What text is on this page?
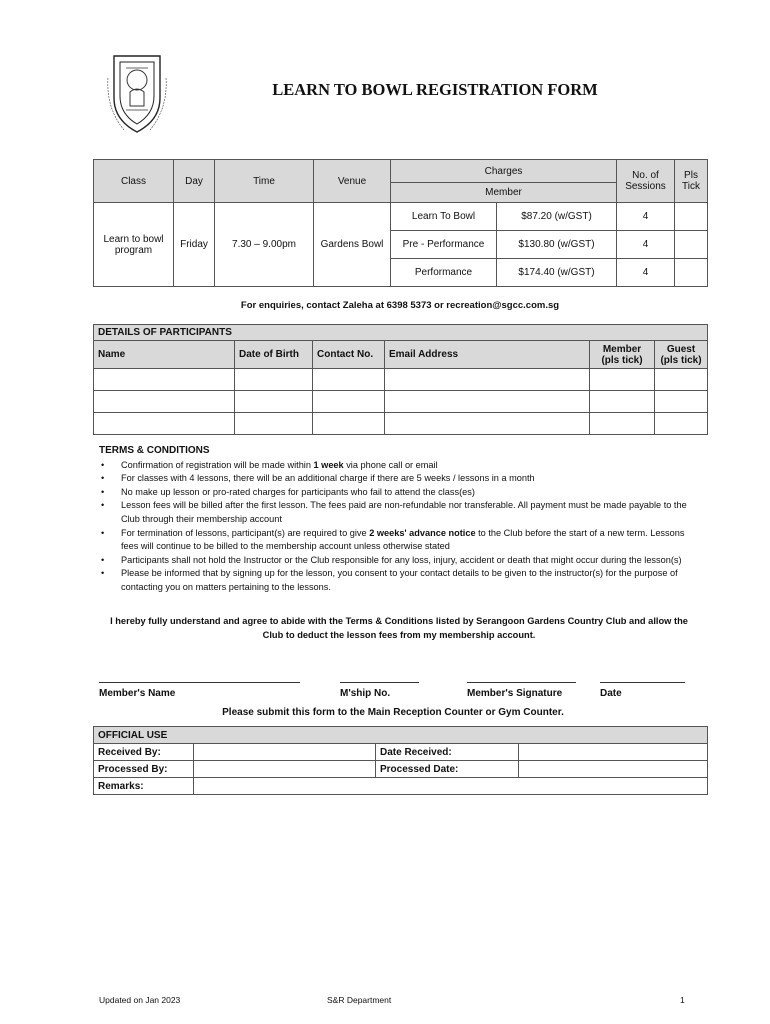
LEARN TO BOWL REGISTRATION FORM
Class	Day	Time	Venue	Charges		No. of Sessions	Pls Tick
				Member			
Learn to bowl program	Friday	7.30 – 9.00pm	Gardens Bowl	Learn To Bowl	$87.20 (w/GST)	4	
				Pre - Performance	$130.80 (w/GST)	4	
				Performance	$174.40 (w/GST)	4	
For enquiries, contact Zaleha at 6398 5373 or recreation@sgcc.com.sg
DETAILS OF PARTICIPANTS					
Name	Date of Birth	Contact No.	Email Address	Member (pls tick)	Guest (pls tick)

TERMS & CONDITIONS
• Confirmation of registration will be made within 1 week via phone call or email
• For classes with 4 lessons, there will be an additional charge if there are 5 weeks / lessons in a month
• No make up lesson or pro-rated charges for participants who fail to attend the class(es)
• Lesson fees will be billed after the first lesson. The fees paid are non-refundable nor transferable. All payment must be made payable to the Club through their membership account
• For termination of lessons, participant(s) are required to give 2 weeks' advance notice to the Club before the start of a new term. Lessons fees will continue to be billed to the membership account unless otherwise stated
• Participants shall not hold the Instructor or the Club responsible for any loss, injury, accident or death that might occur during the lesson(s)
• Please be informed that by signing up for the lesson, you consent to your contact details to be given to the instructor(s) for the purpose of contacting you on matters pertaining to the lessons.
I hereby fully understand and agree to abide with the Terms & Conditions listed by Serangoon Gardens Country Club and allow the Club to deduct the lesson fees from my membership account.
Member's Name	M'ship No.	Member's Signature	Date
Please submit this form to the Main Reception Counter or Gym Counter.
OFFICIAL USE			
Received By:		Date Received:	
Processed By:		Processed Date:	
Remarks:			
Updated on Jan 2023	S&R Department	1
